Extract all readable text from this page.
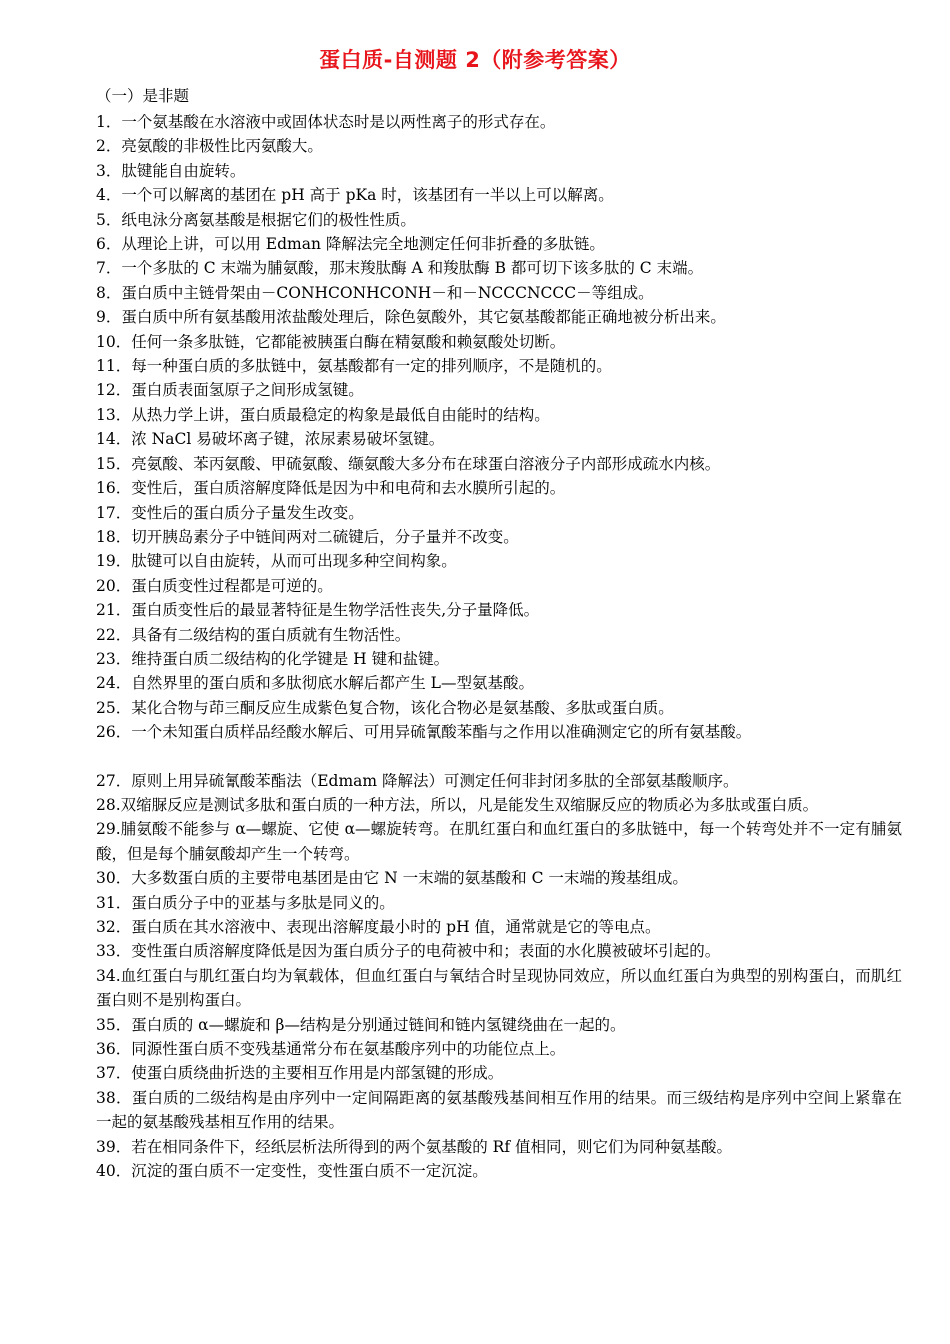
蛋白质-自测题 2（附参考答案）
（一）是非题
1．一个氨基酸在水溶液中或固体状态时是以两性离子的形式存在。
2．亮氨酸的非极性比丙氨酸大。
3．肽键能自由旋转。
4．一个可以解离的基团在 pH 高于 pKa 时，该基团有一半以上可以解离。
5．纸电泳分离氨基酸是根据它们的极性性质。
6．从理论上讲，可以用 Edman 降解法完全地测定任何非折叠的多肽链。
7．一个多肽的 C 末端为脯氨酸，那末羧肽酶 A 和羧肽酶 B 都可切下该多肽的 C 末端。
8．蛋白质中主链骨架由－CONHCONHCONH－和－NCCCNCCC－等组成。
9．蛋白质中所有氨基酸用浓盐酸处理后，除色氨酸外，其它氨基酸都能正确地被分析出来。
10．任何一条多肽链，它都能被胰蛋白酶在精氨酸和赖氨酸处切断。
11．每一种蛋白质的多肽链中，氨基酸都有一定的排列顺序，不是随机的。
12．蛋白质表面氢原子之间形成氢键。
13．从热力学上讲，蛋白质最稳定的构象是最低自由能时的结构。
14．浓 NaCl 易破坏离子键，浓尿素易破坏氢键。
15．亮氨酸、苯丙氨酸、甲硫氨酸、缬氨酸大多分布在球蛋白溶液分子内部形成疏水内核。
16．变性后，蛋白质溶解度降低是因为中和电荷和去水膜所引起的。
17．变性后的蛋白质分子量发生改变。
18．切开胰岛素分子中链间两对二硫键后，分子量并不改变。
19．肽键可以自由旋转，从而可出现多种空间构象。
20．蛋白质变性过程都是可逆的。
21．蛋白质变性后的最显著特征是生物学活性丧失,分子量降低。
22．具备有二级结构的蛋白质就有生物活性。
23．维持蛋白质二级结构的化学键是 H 键和盐键。
24．自然界里的蛋白质和多肽彻底水解后都产生 L—型氨基酸。
25．某化合物与茚三酮反应生成紫色复合物，该化合物必是氨基酸、多肽或蛋白质。
26．一个未知蛋白质样品经酸水解后、可用异硫氰酸苯酯与之作用以准确测定它的所有氨基酸。
27．原则上用异硫氰酸苯酯法（Edmam 降解法）可测定任何非封闭多肽的全部氨基酸顺序。
28.双缩脲反应是测试多肽和蛋白质的一种方法，所以，凡是能发生双缩脲反应的物质必为多肽或蛋白质。
29.脯氨酸不能参与 α—螺旋、它使 α—螺旋转弯。在肌红蛋白和血红蛋白的多肽链中，每一个转弯处并不一定有脯氨酸，但是每个脯氨酸却产生一个转弯。
30．大多数蛋白质的主要带电基团是由它 N 一末端的氨基酸和 C 一末端的羧基组成。
31．蛋白质分子中的亚基与多肽是同义的。
32．蛋白质在其水溶液中、表现出溶解度最小时的 pH 值，通常就是它的等电点。
33．变性蛋白质溶解度降低是因为蛋白质分子的电荷被中和；表面的水化膜被破坏引起的。
34.血红蛋白与肌红蛋白均为氧载体，但血红蛋白与氧结合时呈现协同效应，所以血红蛋白为典型的别构蛋白，而肌红蛋白则不是别构蛋白。
35．蛋白质的 α—螺旋和 β—结构是分别通过链间和链内氢键绕曲在一起的。
36．同源性蛋白质不变残基通常分布在氨基酸序列中的功能位点上。
37．使蛋白质绕曲折迭的主要相互作用是内部氢键的形成。
38．蛋白质的二级结构是由序列中一定间隔距离的氨基酸残基间相互作用的结果。而三级结构是序列中空间上紧靠在一起的氨基酸残基相互作用的结果。
39．若在相同条件下，经纸层析法所得到的两个氨基酸的 Rf 值相同，则它们为同种氨基酸。
40．沉淀的蛋白质不一定变性，变性蛋白质不一定沉淀。
